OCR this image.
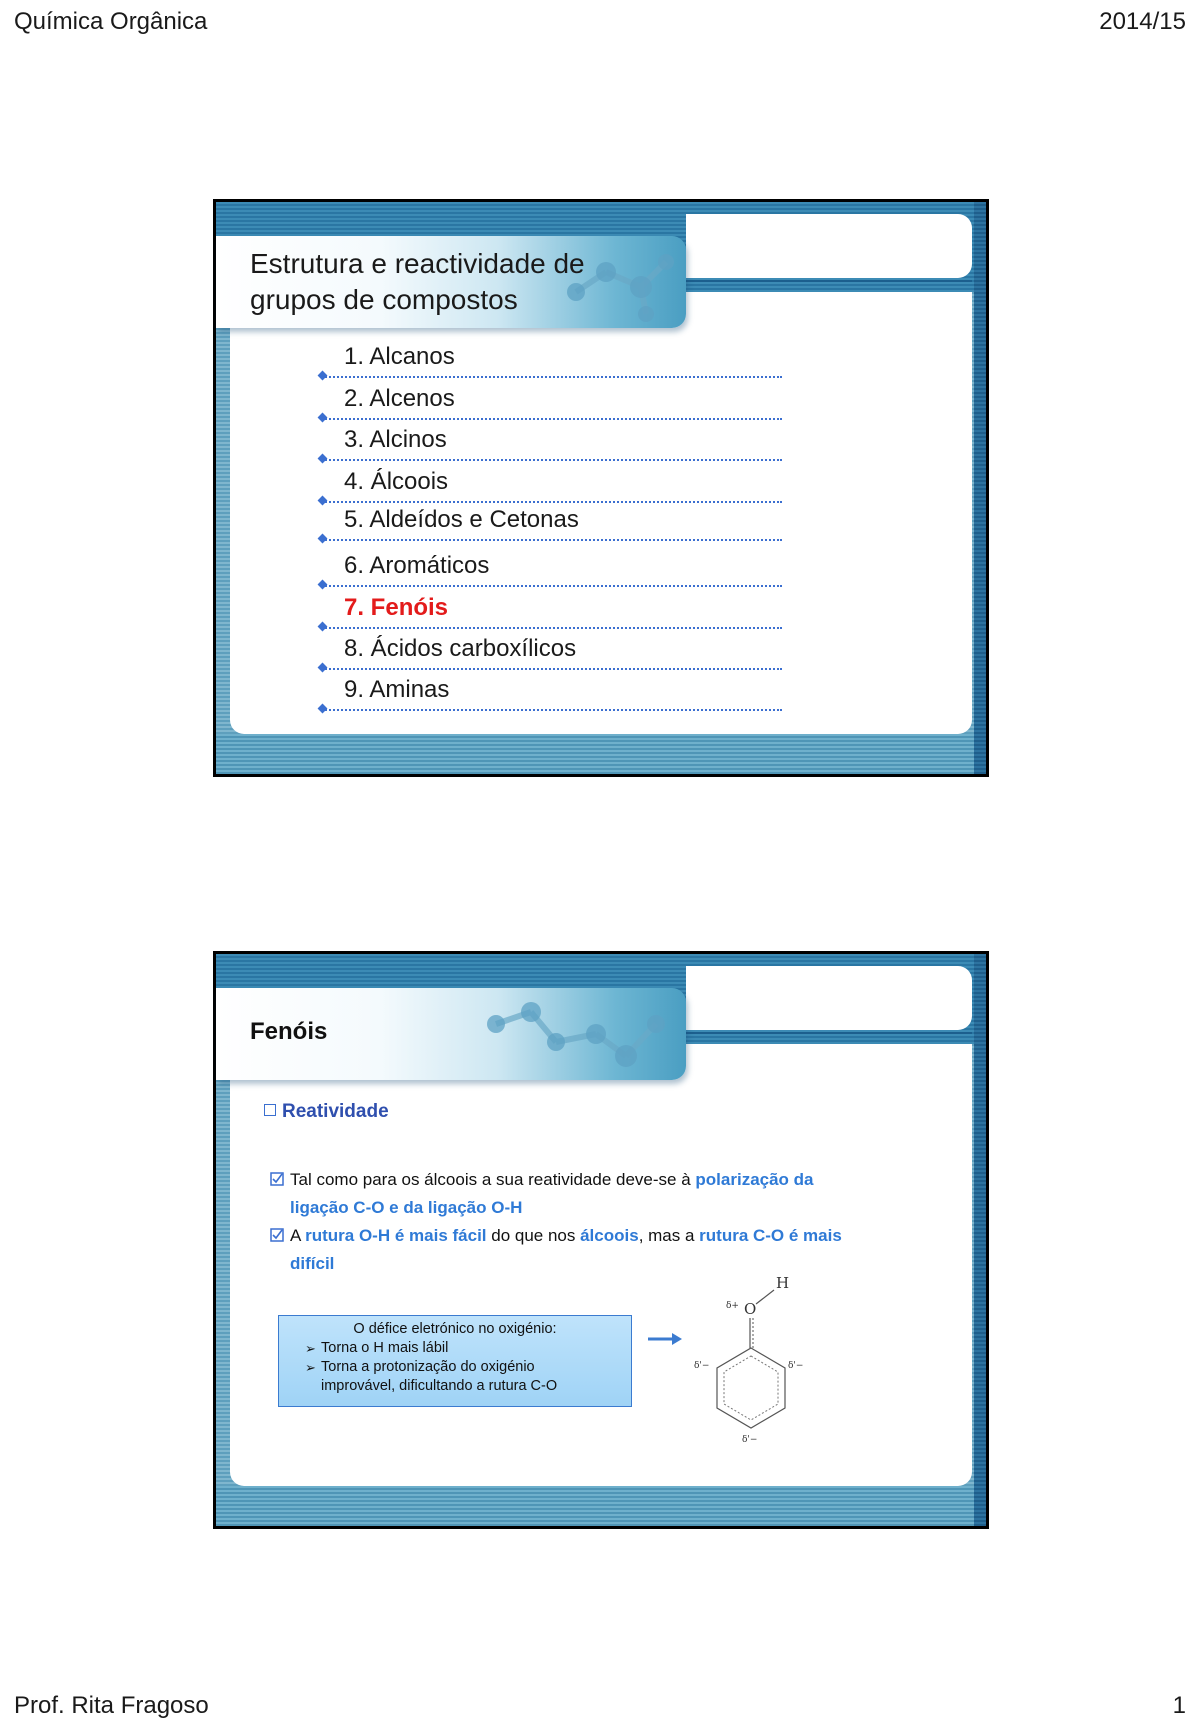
Química Orgânica	2014/15
Estrutura e reactividade de
grupos de compostos
1. Alcanos
2. Alcenos
3. Alcinos
4. Álcoois
5. Aldeídos e Cetonas
6. Aromáticos
7. Fenóis
8. Ácidos carboxílicos
9. Aminas
Fenóis
Reatividade
Tal como para os álcoois a sua reatividade deve-se à polarização da
ligação C-O e da ligação O-H
A rutura O-H é mais fácil do que nos álcoois, mas a rutura C-O é mais
difícil
O défice eletrónico no oxigénio:
➢ Torna o H mais lábil
➢ Torna a protonização do oxigénio
improvável, dificultando a rutura C-O
H
O
δ+
δ'−	δ'−
δ'−
Prof. Rita Fragoso	1
